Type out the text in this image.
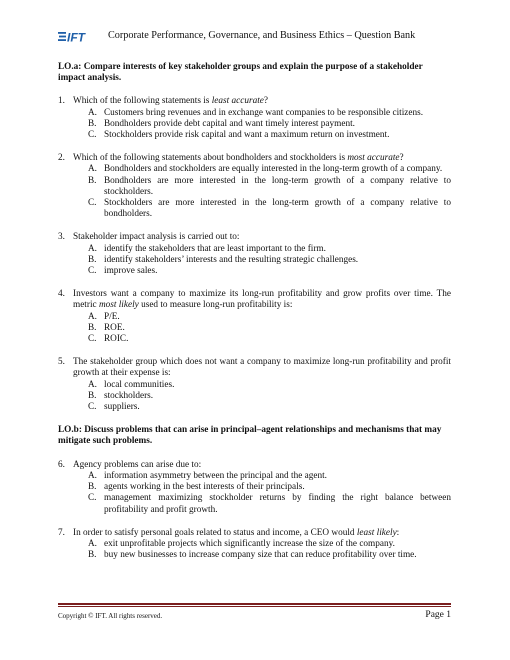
IFT Corporate Performance, Governance, and Business Ethics – Question Bank
LO.a: Compare interests of key stakeholder groups and explain the purpose of a stakeholder impact analysis.
1. Which of the following statements is least accurate?
A. Customers bring revenues and in exchange want companies to be responsible citizens.
B. Bondholders provide debt capital and want timely interest payment.
C. Stockholders provide risk capital and want a maximum return on investment.
2. Which of the following statements about bondholders and stockholders is most accurate?
A. Bondholders and stockholders are equally interested in the long-term growth of a company.
B. Bondholders are more interested in the long-term growth of a company relative to stockholders.
C. Stockholders are more interested in the long-term growth of a company relative to bondholders.
3. Stakeholder impact analysis is carried out to:
A. identify the stakeholders that are least important to the firm.
B. identify stakeholders’ interests and the resulting strategic challenges.
C. improve sales.
4. Investors want a company to maximize its long-run profitability and grow profits over time. The metric most likely used to measure long-run profitability is:
A. P/E.
B. ROE.
C. ROIC.
5. The stakeholder group which does not want a company to maximize long-run profitability and profit growth at their expense is:
A. local communities.
B. stockholders.
C. suppliers.
LO.b: Discuss problems that can arise in principal–agent relationships and mechanisms that may mitigate such problems.
6. Agency problems can arise due to:
A. information asymmetry between the principal and the agent.
B. agents working in the best interests of their principals.
C. management maximizing stockholder returns by finding the right balance between profitability and profit growth.
7. In order to satisfy personal goals related to status and income, a CEO would least likely:
A. exit unprofitable projects which significantly increase the size of the company.
B. buy new businesses to increase company size that can reduce profitability over time.
Copyright © IFT. All rights reserved.	Page 1
